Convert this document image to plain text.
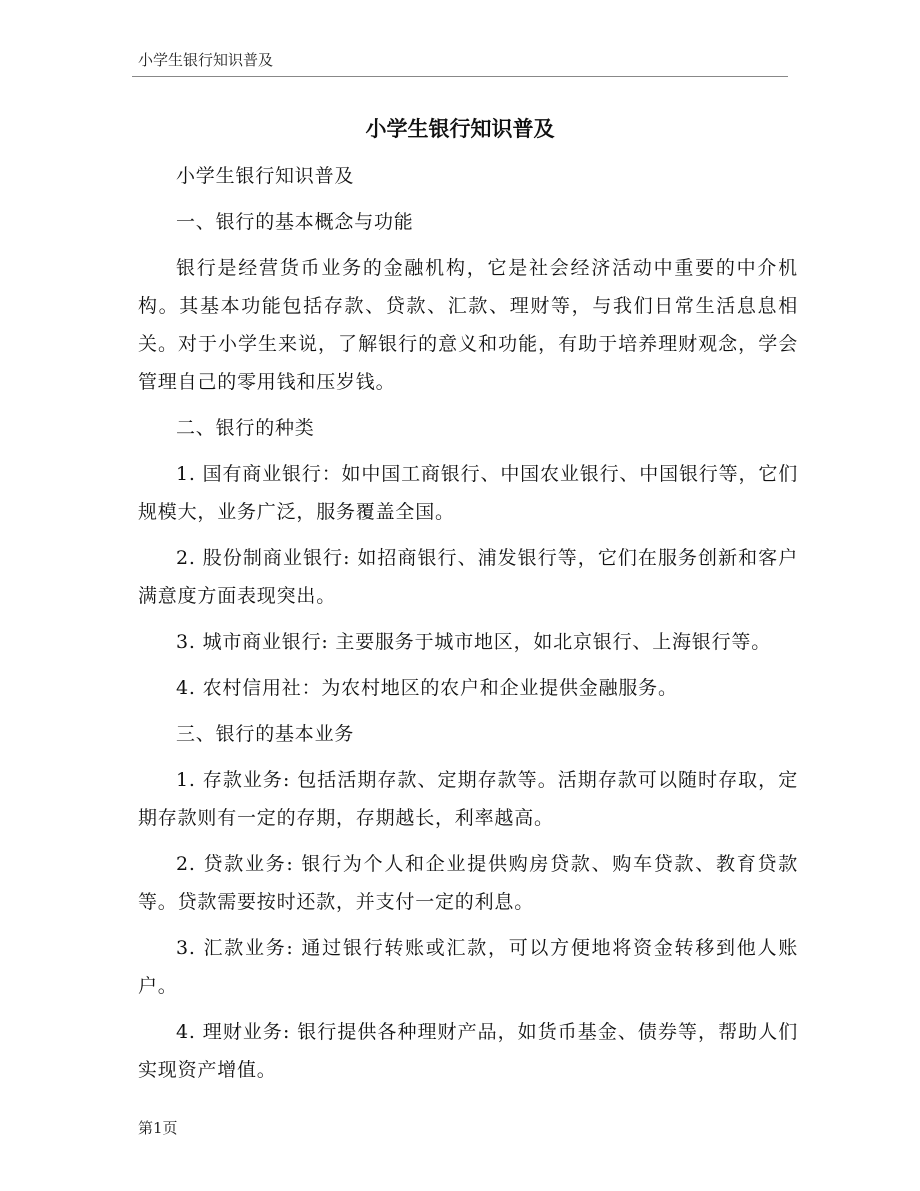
小学生银行知识普及
小学生银行知识普及

小学生银行知识普及

一、银行的基本概念与功能

银行是经营货币业务的金融机构，它是社会经济活动中重要的中介机构。其基本功能包括存款、贷款、汇款、理财等，与我们日常生活息息相关。对于小学生来说，了解银行的意义和功能，有助于培养理财观念，学会管理自己的零用钱和压岁钱。

二、银行的种类

1. 国有商业银行：如中国工商银行、中国农业银行、中国银行等，它们规模大，业务广泛，服务覆盖全国。

2. 股份制商业银行: 如招商银行、浦发银行等，它们在服务创新和客户满意度方面表现突出。

3. 城市商业银行: 主要服务于城市地区，如北京银行、上海银行等。

4. 农村信用社：为农村地区的农户和企业提供金融服务。

三、银行的基本业务

1. 存款业务: 包括活期存款、定期存款等。活期存款可以随时存取，定期存款则有一定的存期，存期越长，利率越高。

2. 贷款业务: 银行为个人和企业提供购房贷款、购车贷款、教育贷款等。贷款需要按时还款，并支付一定的利息。

3. 汇款业务: 通过银行转账或汇款，可以方便地将资金转移到他人账户。

4. 理财业务: 银行提供各种理财产品，如货币基金、债券等，帮助人们实现资产增值。

第1页
